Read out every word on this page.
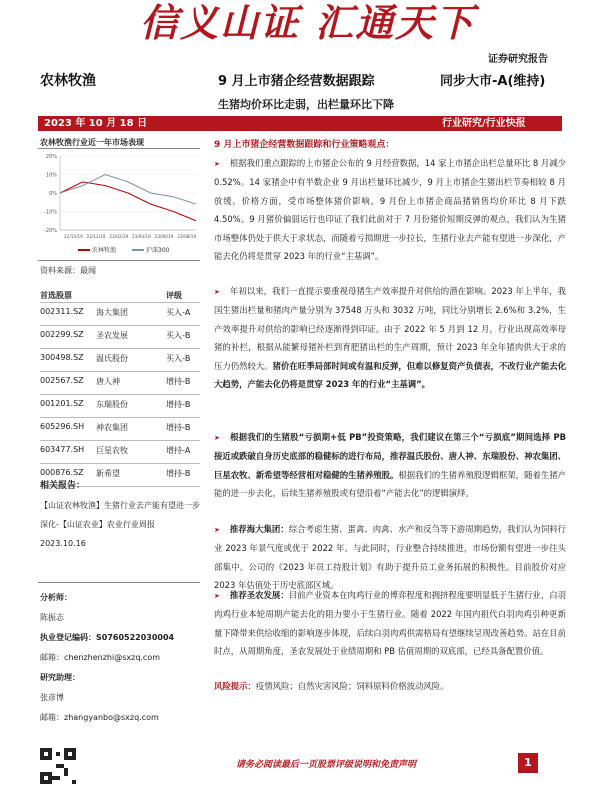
信义山证 汇通天下
证券研究报告
农林牧渔	9 月上市猪企经营数据跟踪	同步大市-A(维持)
生猪均价环比走弱，出栏量环比下降
2023 年 10 月 18 日	行业研究/行业快报
农林牧渔行业近一年市场表现
20%
10%
0%
-10%
-20%
22/10/19 22/12/19 23/02/19 23/04/19 23/06/19 23/08/19
农林牧渔	沪深300
资料来源：最闻
首选股票	评级
002311.SZ 海大集团	买入-A
002299.SZ 圣农发展	买入-B
300498.SZ 温氏股份	买入-B
002567.SZ 唐人神	增持-B
001201.SZ 东瑞股份	增持-B
605296.SH 神农集团	增持-B
603477.SH 巨星农牧	增持-A
000876.SZ 新希望	增持-B
相关报告：
【山证农林牧渔】生猪行业去产能有望进一步深化-【山证农业】农业行业周报 2023.10.16
分析师：
陈振志
执业登记编码：S0760522030004
邮箱：chenzhenzhi@sxzq.com
研究助理：
张彦博
邮箱：zhangyanbo@sxzq.com
9 月上市猪企经营数据跟踪和行业策略观点：
➤ 根据我们重点跟踪的上市猪企公布的 9 月经营数据，14 家上市猪企出栏总量环比 8 月减少 0.52%。14 家猪企中有半数企业 9 月出栏量环比减少，9 月上市猪企生猪出栏节奏相较 8 月放缓。价格方面，受市场整体猪价影响，9 月份上市猪企商品猪销售均价环比 8 月下跌 4.50%。9 月猪价偏弱运行也印证了我们此前对于 7 月份猪价短期反弹的观点，我们认为生猪市场整体仍处于供大于求状态，而随着亏损期进一步拉长，生猪行业去产能有望进一步深化，产能去化仍将是贯穿 2023 年的行业“主基调”。
➤ 年初以来，我们一直提示要重视母猪生产效率提升对供给的潜在影响。2023 年上半年，我国生猪出栏量和猪肉产量分别为 37548 万头和 3032 万吨，同比分别增长 2.6%和 3.2%，生产效率提升对供给的影响已经逐渐得到印证。由于 2022 年 5 月到 12 月，行业出现高效率母猪的补栏，根据从能繁母猪补栏到育肥猪出栏的生产周期，预计 2023 年全年猪肉供大于求的压力仍然较大。猪价在旺季局部时间或有温和反弹，但难以修复资产负债表，不改行业产能去化大趋势，产能去化仍将是贯穿 2023 年的行业“主基调”。
➤ 根据我们的生猪股“亏损期+低 PB”投资策略，我们建议在第三个“亏损底”期间选择 PB 接近或跌破自身历史底部的稳健标的进行布局，推荐温氏股份、唐人神、东瑞股份、神农集团、巨星农牧、新希望等经营相对稳健的生猪养殖股。根据我们的生猪养殖股逻辑框架，随着生猪产能的进一步去化，后续生猪养殖股或有望沿着“产能去化”的逻辑演绎。
➤ 推荐海大集团：综合考虑生猪、蛋禽、肉禽、水产和反刍等下游周期趋势，我们认为饲料行业 2023 年景气度或优于 2022 年。与此同时，行业整合持续推进，市场份额有望进一步往头部集中。公司的《2023 年员工持股计划》有助于提升员工业务拓展的积极性。目前股价对应 2023 年估值处于历史底部区域。
➤ 推荐圣农发展：目前产业资本在肉鸡行业的博弈程度和拥挤程度要明显低于生猪行业，白羽肉鸡行业本轮周期产能去化的阻力要小于生猪行业。随着 2022 年国内祖代白羽肉鸡引种更新量下降带来供给收缩的影响逐步体现，后续白羽肉鸡供需格局有望继续呈现改善趋势。站在目前时点，从周期角度，圣农发展处于业绩周期和 PB 估值周期的双底部，已经具备配置价值。
风险提示：疫情风险；自然灾害风险；饲料原料价格波动风险。
请务必阅读最后一页股票评级说明和免责声明	1
